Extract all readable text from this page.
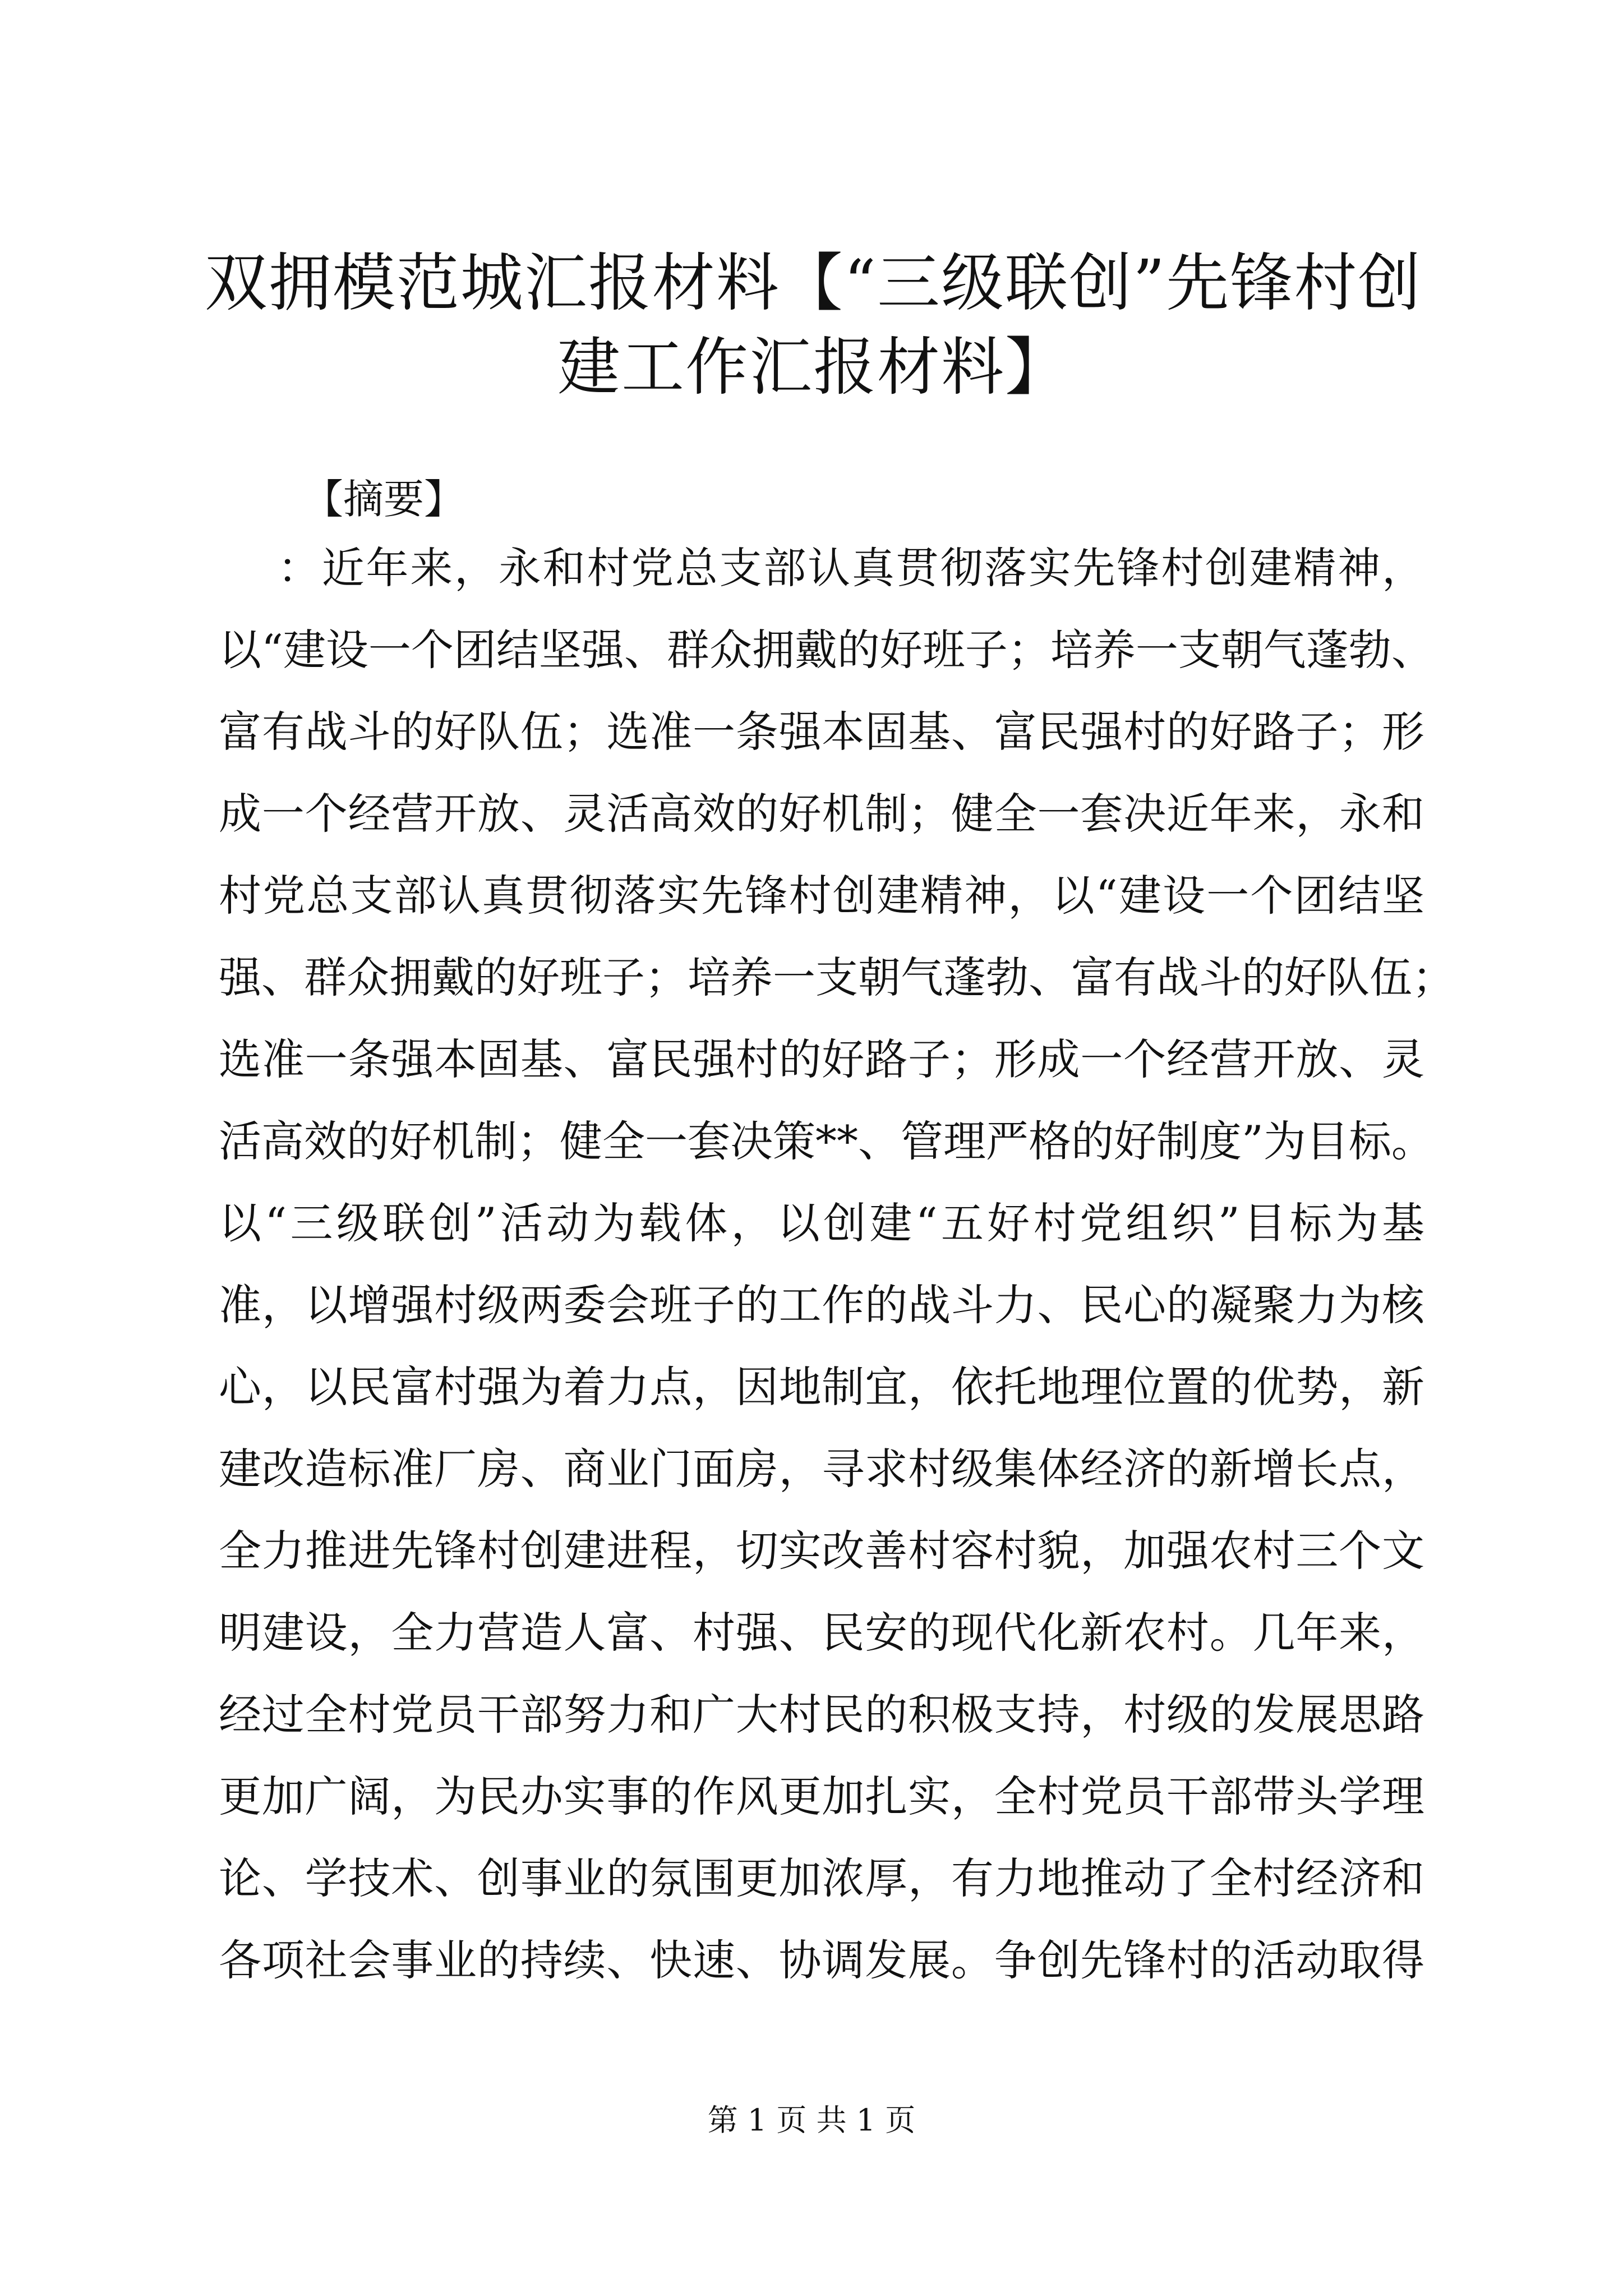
双拥模范城汇报材料【“三级联创”先锋村创
建工作汇报材料】

【摘要】

：近年来，永和村党总支部认真贯彻落实先锋村创建精神，
以“建设一个团结坚强、群众拥戴的好班子；培养一支朝气蓬勃、
富有战斗的好队伍；选准一条强本固基、富民强村的好路子；形
成一个经营开放、灵活高效的好机制；健全一套决近年来，永和
村党总支部认真贯彻落实先锋村创建精神，以“建设一个团结坚
强、群众拥戴的好班子；培养一支朝气蓬勃、富有战斗的好队伍；
选准一条强本固基、富民强村的好路子；形成一个经营开放、灵
活高效的好机制；健全一套决策**、管理严格的好制度”为目标。
以“三级联创”活动为载体，以创建“五好村党组织”目标为基
准，以增强村级两委会班子的工作的战斗力、民心的凝聚力为核
心，以民富村强为着力点，因地制宜，依托地理位置的优势，新
建改造标准厂房、商业门面房，寻求村级集体经济的新增长点，
全力推进先锋村创建进程，切实改善村容村貌，加强农村三个文
明建设，全力营造人富、村强、民安的现代化新农村。几年来，
经过全村党员干部努力和广大村民的积极支持，村级的发展思路
更加广阔，为民办实事的作风更加扎实，全村党员干部带头学理
论、学技术、创事业的氛围更加浓厚，有力地推动了全村经济和
各项社会事业的持续、快速、协调发展。争创先锋村的活动取得
第 1 页 共 1 页
